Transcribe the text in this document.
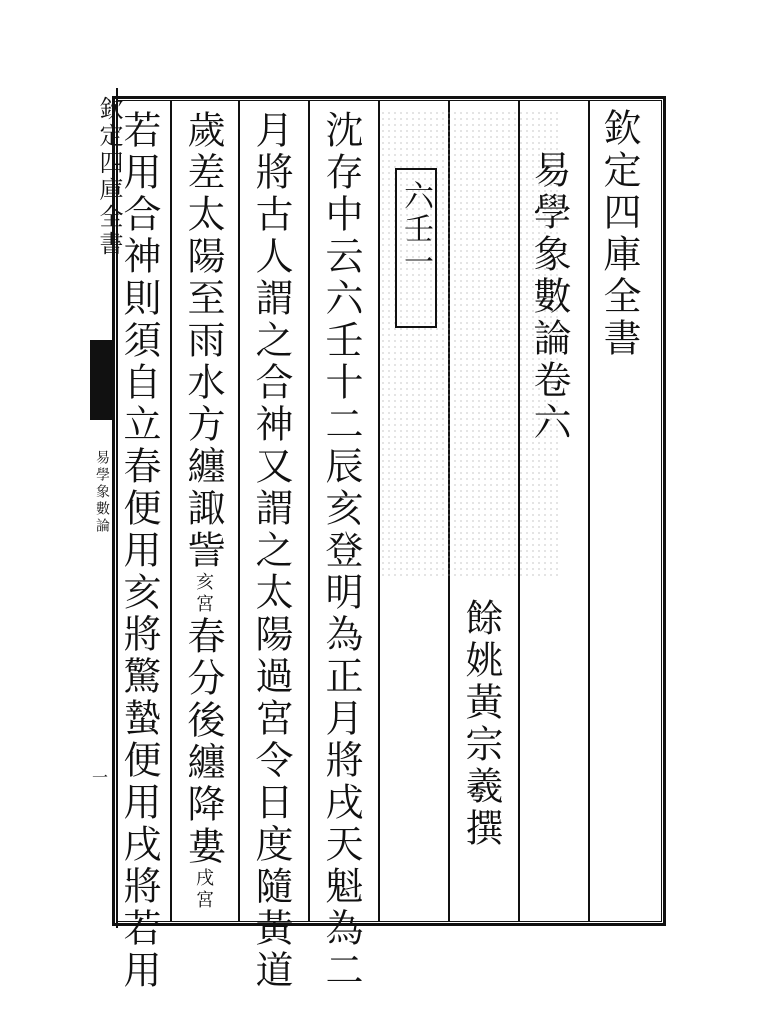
欽定四庫全書
易學象數論
一
欽定四庫全書
易學象數論卷六
餘姚黃宗羲撰
六壬一
沈存中云六壬十二辰亥登明為正月將戌天魁為二
月將古人謂之合神又謂之太陽過宮令日度隨黃道
歲差太陽至雨水方纏諏訾亥宮春分後纏降婁戌宮
若用合神則須自立春便用亥將驚蟄便用戌將若用
